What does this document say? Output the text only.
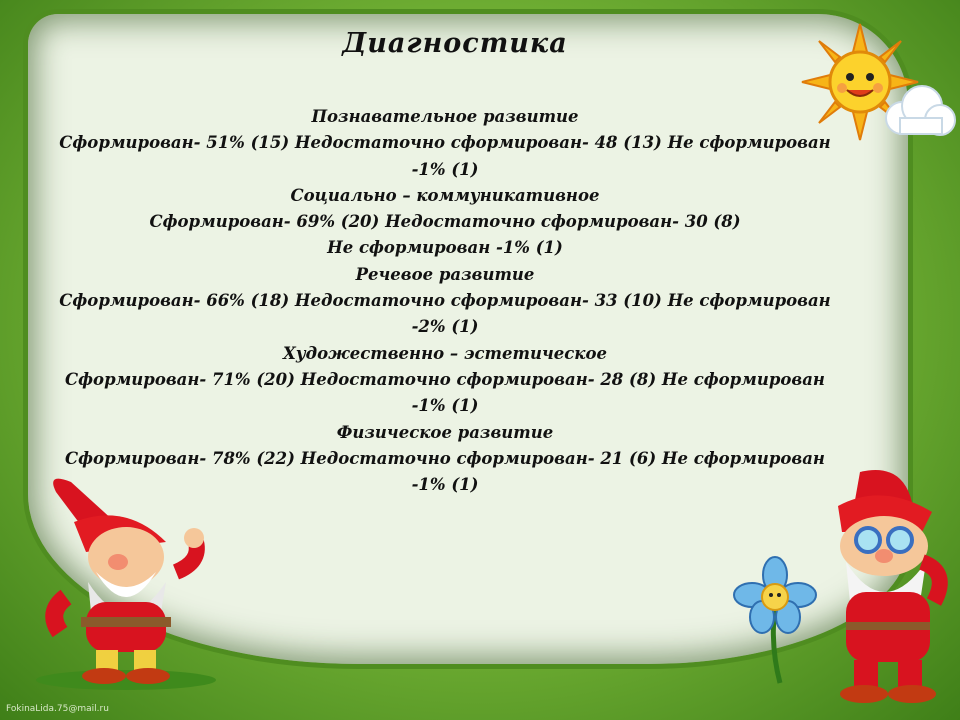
Диагностика
Познавательное развитие
Сформирован- 51% (15) Недостаточно сформирован- 48 (13) Не сформирован
-1% (1)
Социально – коммуникативное
Сформирован- 69% (20) Недостаточно сформирован- 30 (8)
Не сформирован -1% (1)
Речевое развитие
Сформирован- 66% (18) Недостаточно сформирован- 33 (10) Не сформирован
-2% (1)
Художественно – эстетическое
Сформирован- 71% (20) Недостаточно сформирован- 28 (8) Не сформирован
-1% (1)
Физическое развитие
Сформирован- 78% (22) Недостаточно сформирован- 21 (6) Не сформирован
-1% (1)
FokinaLida.75@mail.ru
